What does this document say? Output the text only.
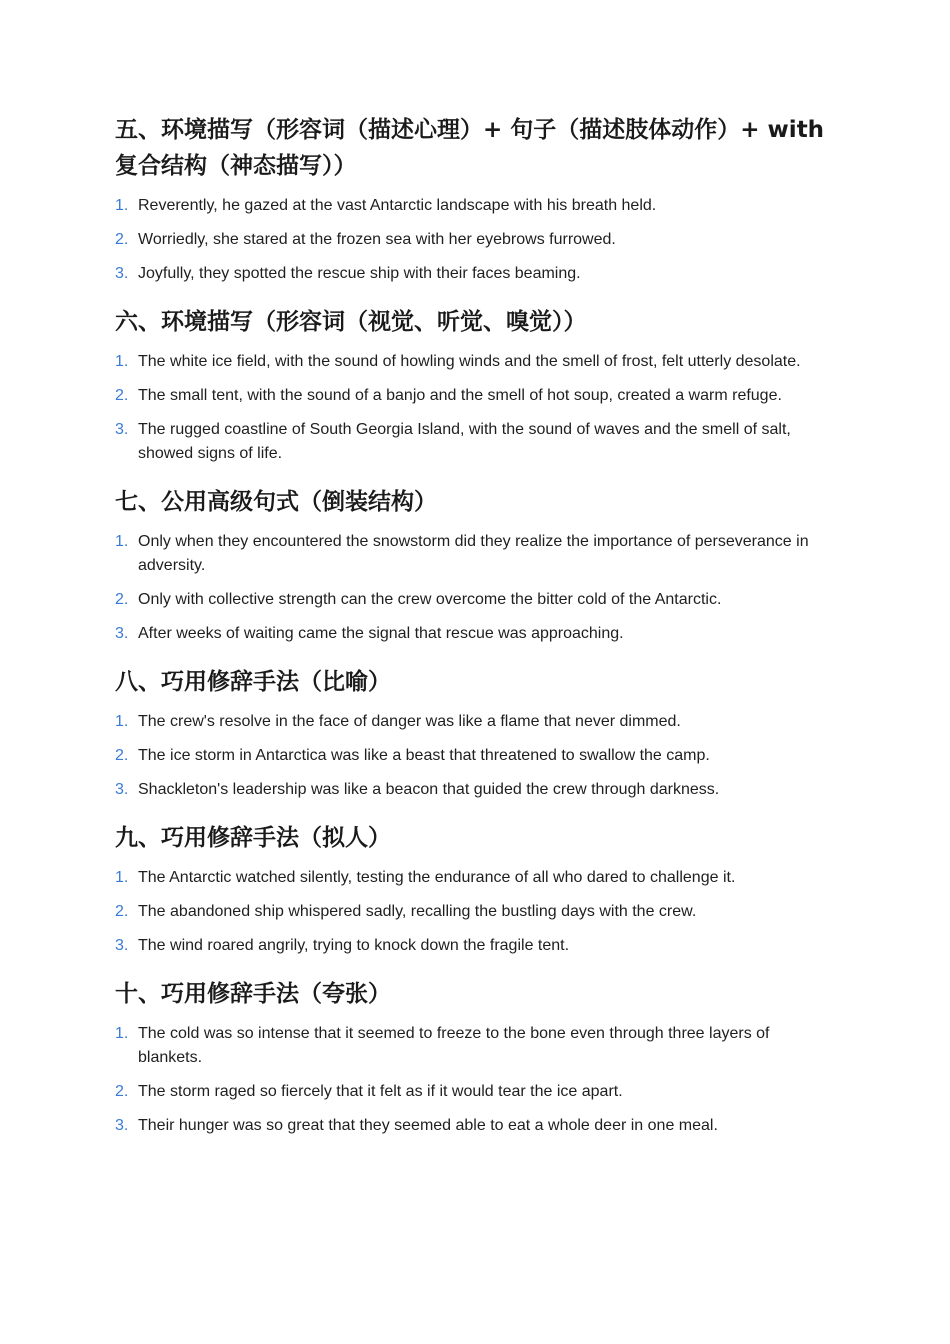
五、环境描写（形容词（描述心理）+ 句子（描述肢体动作）+ with 复合结构（神态描写））
1. Reverently, he gazed at the vast Antarctic landscape with his breath held.
2. Worriedly, she stared at the frozen sea with her eyebrows furrowed.
3. Joyfully, they spotted the rescue ship with their faces beaming.
六、环境描写（形容词（视觉、听觉、嗅觉））
1. The white ice field, with the sound of howling winds and the smell of frost, felt utterly desolate.
2. The small tent, with the sound of a banjo and the smell of hot soup, created a warm refuge.
3. The rugged coastline of South Georgia Island, with the sound of waves and the smell of salt, showed signs of life.
七、公用高级句式（倒装结构）
1. Only when they encountered the snowstorm did they realize the importance of perseverance in adversity.
2. Only with collective strength can the crew overcome the bitter cold of the Antarctic.
3. After weeks of waiting came the signal that rescue was approaching.
八、巧用修辞手法（比喻）
1. The crew's resolve in the face of danger was like a flame that never dimmed.
2. The ice storm in Antarctica was like a beast that threatened to swallow the camp.
3. Shackleton's leadership was like a beacon that guided the crew through darkness.
九、巧用修辞手法（拟人）
1. The Antarctic watched silently, testing the endurance of all who dared to challenge it.
2. The abandoned ship whispered sadly, recalling the bustling days with the crew.
3. The wind roared angrily, trying to knock down the fragile tent.
十、巧用修辞手法（夸张）
1. The cold was so intense that it seemed to freeze to the bone even through three layers of blankets.
2. The storm raged so fiercely that it felt as if it would tear the ice apart.
3. Their hunger was so great that they seemed able to eat a whole deer in one meal.
